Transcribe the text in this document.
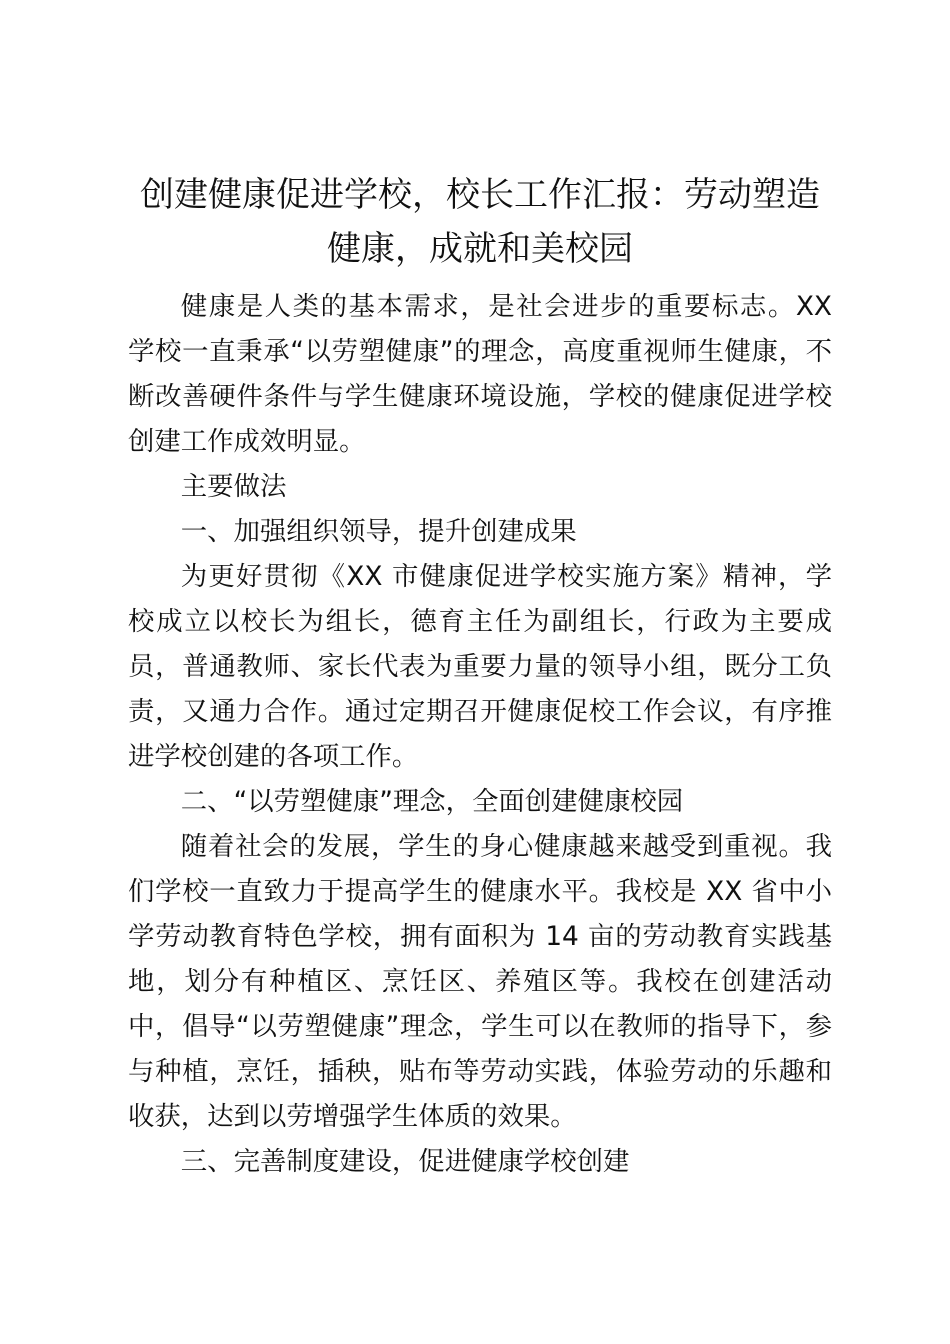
创建健康促进学校，校长工作汇报：劳动塑造
健康，成就和美校园

健康是人类的基本需求，是社会进步的重要标志。XX 学校一直秉承“以劳塑健康”的理念，高度重视师生健康，不断改善硬件条件与学生健康环境设施，学校的健康促进学校创建工作成效明显。

主要做法

一、加强组织领导，提升创建成果

为更好贯彻《XX 市健康促进学校实施方案》精神，学校成立以校长为组长，德育主任为副组长，行政为主要成员，普通教师、家长代表为重要力量的领导小组，既分工负责，又通力合作。通过定期召开健康促校工作会议，有序推进学校创建的各项工作。

二、“以劳塑健康”理念，全面创建健康校园

随着社会的发展，学生的身心健康越来越受到重视。我们学校一直致力于提高学生的健康水平。我校是 XX 省中小学劳动教育特色学校，拥有面积为 14 亩的劳动教育实践基地，划分有种植区、烹饪区、养殖区等。我校在创建活动中，倡导“以劳塑健康”理念，学生可以在教师的指导下，参与种植，烹饪，插秧，贴布等劳动实践，体验劳动的乐趣和收获，达到以劳增强学生体质的效果。

三、完善制度建设，促进健康学校创建
